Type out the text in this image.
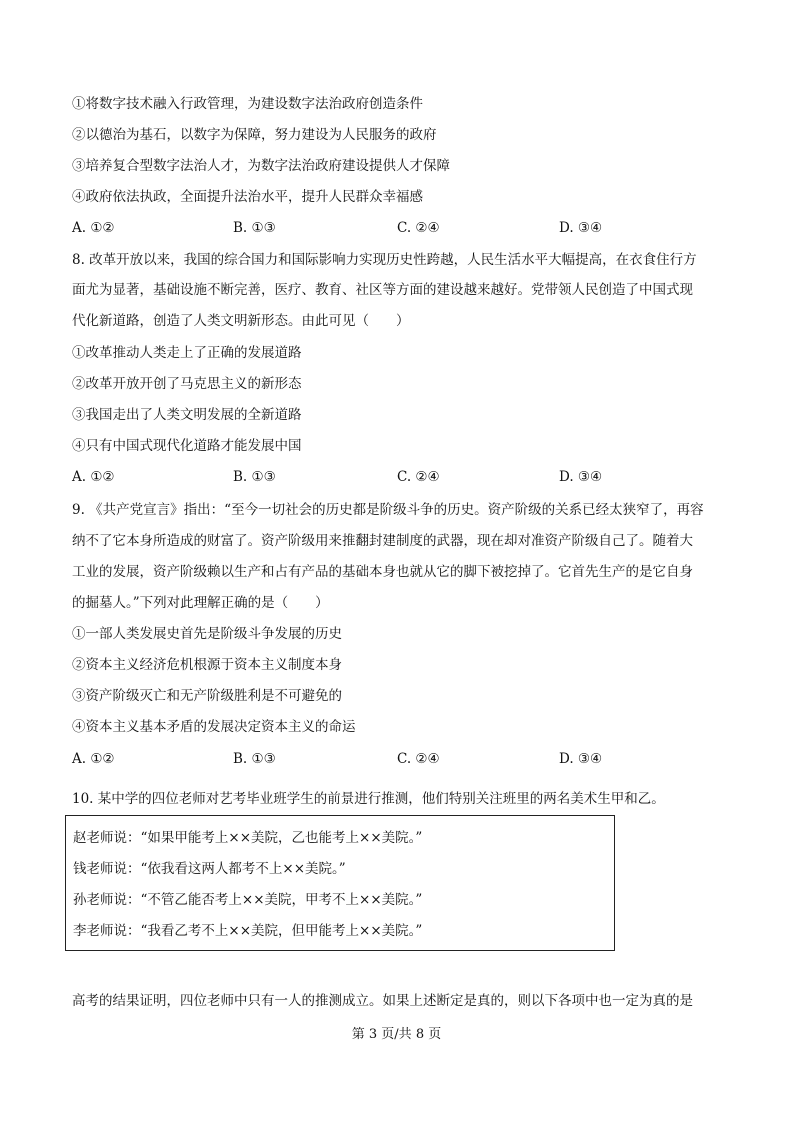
①将数字技术融入行政管理，为建设数字法治政府创造条件
②以德治为基石，以数字为保障，努力建设为人民服务的政府
③培养复合型数字法治人才，为数字法治政府建设提供人才保障
④政府依法执政，全面提升法治水平，提升人民群众幸福感
A. ①②	B. ①③	C. ②④	D. ③④
8. 改革开放以来，我国的综合国力和国际影响力实现历史性跨越，人民生活水平大幅提高，在衣食住行方
面尤为显著，基础设施不断完善，医疗、教育、社区等方面的建设越来越好。党带领人民创造了中国式现
代化新道路，创造了人类文明新形态。由此可见（　　）
①改革推动人类走上了正确的发展道路
②改革开放开创了马克思主义的新形态
③我国走出了人类文明发展的全新道路
④只有中国式现代化道路才能发展中国
A. ①②	B. ①③	C. ②④	D. ③④
9. 《共产党宣言》指出：“至今一切社会的历史都是阶级斗争的历史。资产阶级的关系已经太狭窄了，再容
纳不了它本身所造成的财富了。资产阶级用来推翻封建制度的武器，现在却对准资产阶级自己了。随着大
工业的发展，资产阶级赖以生产和占有产品的基础本身也就从它的脚下被挖掉了。它首先生产的是它自身
的掘墓人。”下列对此理解正确的是（　　）
①一部人类发展史首先是阶级斗争发展的历史
②资本主义经济危机根源于资本主义制度本身
③资产阶级灭亡和无产阶级胜利是不可避免的
④资本主义基本矛盾的发展决定资本主义的命运
A. ①②	B. ①③	C. ②④	D. ③④
10. 某中学的四位老师对艺考毕业班学生的前景进行推测，他们特别关注班里的两名美术生甲和乙。
赵老师说：“如果甲能考上××美院，乙也能考上××美院。”
钱老师说：“依我看这两人都考不上××美院。”
孙老师说：“不管乙能否考上××美院，甲考不上××美院。”
李老师说：“我看乙考不上××美院，但甲能考上××美院。”
高考的结果证明，四位老师中只有一人的推测成立。如果上述断定是真的，则以下各项中也一定为真的是
第 3 页/共 8 页
